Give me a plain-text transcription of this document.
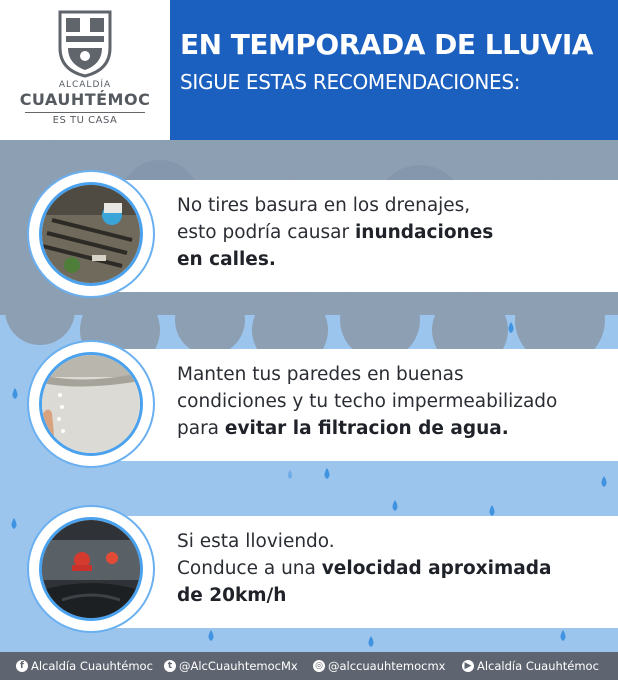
ALCALDÍA
CUAUHTÉMOC
ES TU CASA
EN TEMPORADA DE LLUVIA
SIGUE ESTAS RECOMENDACIONES:
No tires basura en los drenajes,
esto podría causar inundaciones
en calles.
Manten tus paredes en buenas
condiciones y tu techo impermeabilizado
para evitar la filtracion de agua.
Si esta lloviendo.
Conduce a una velocidad aproximada
de 20km/h
f Alcaldía Cuauhtémoc	t @AlcCuauhtemocMx ◎ @alccuauhtemocmx ▶ Alcaldía Cuauhtémoc
